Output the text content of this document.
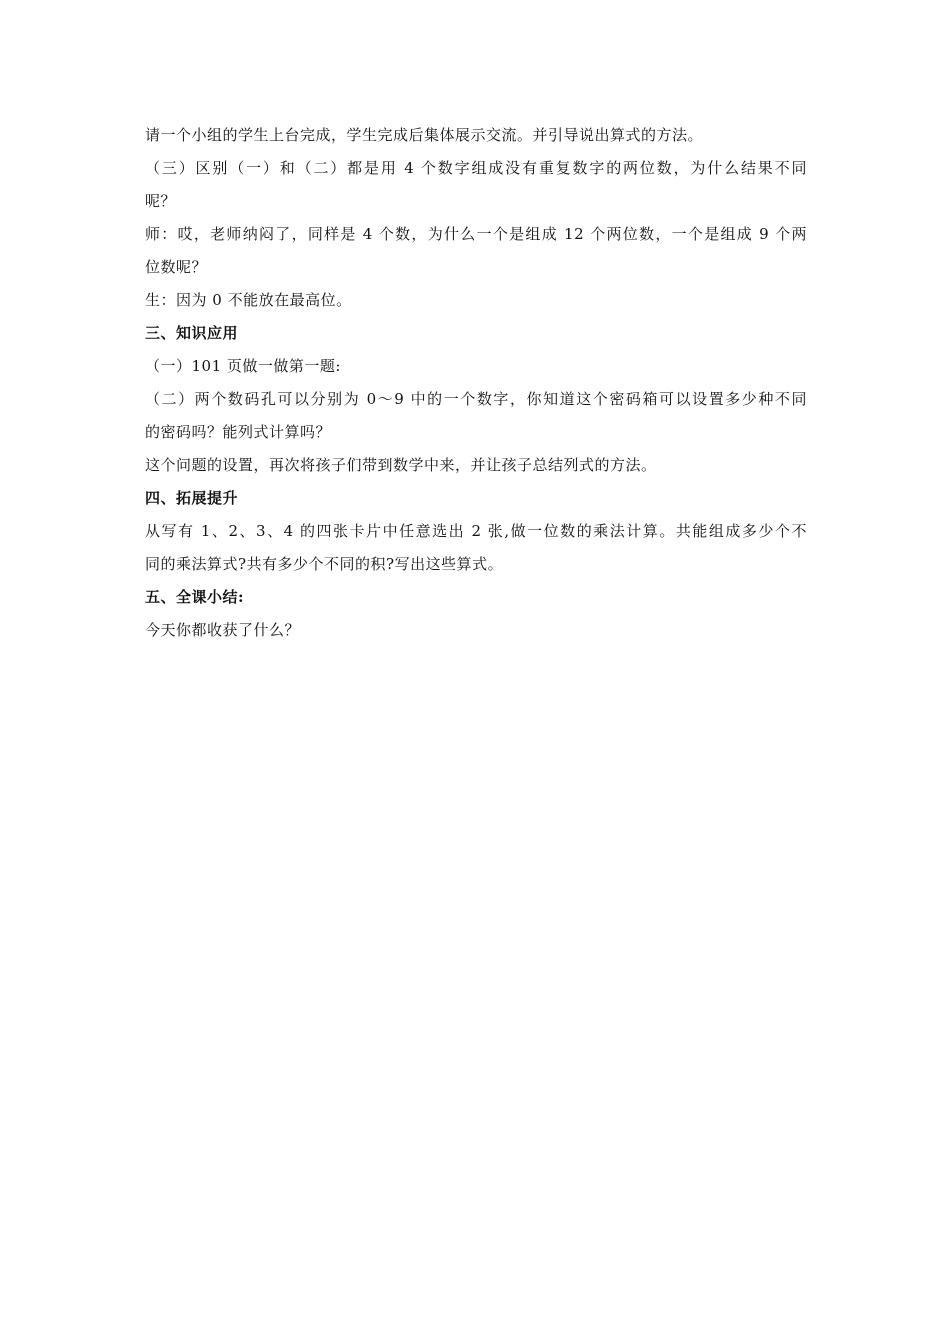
请一个小组的学生上台完成，学生完成后集体展示交流。并引导说出算式的方法。
（三）区别（一）和（二）都是用 4 个数字组成没有重复数字的两位数，为什么结果不同
呢？
师：哎，老师纳闷了，同样是 4 个数，为什么一个是组成 12 个两位数，一个是组成 9 个两
位数呢？
生：因为 0 不能放在最高位。
三、知识应用
（一）101 页做一做第一题:
（二）两个数码孔可以分别为 0～9 中的一个数字，你知道这个密码箱可以设置多少种不同
的密码吗？能列式计算吗？
这个问题的设置，再次将孩子们带到数学中来，并让孩子总结列式的方法。
四、拓展提升
从写有 1、2、3、4 的四张卡片中任意选出 2 张,做一位数的乘法计算。共能组成多少个不
同的乘法算式?共有多少个不同的积?写出这些算式。
五、全课小结:
今天你都收获了什么？
